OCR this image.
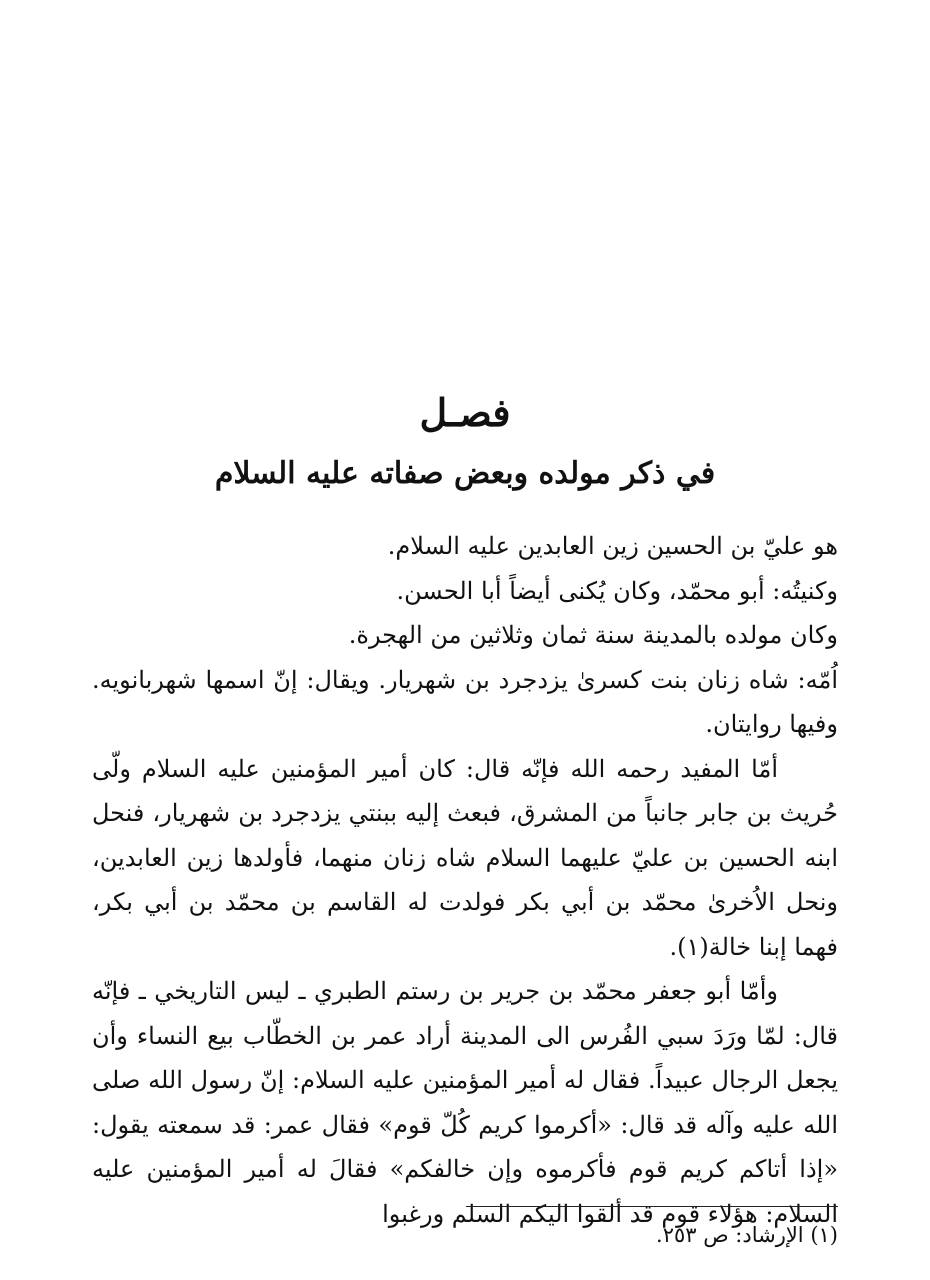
فصـل
في ذكر مولده وبعض صفاته عليه السلام

هو عليّ بن الحسين زين العابدين عليه السلام.

وكنيتُه: أبو محمّد، وكان يُكنى أيضاً أبا الحسن.

وكان مولده بالمدينة سنة ثمان وثلاثين من الهجرة.

اُمّه: شاه زنان بنت كسرىٰ يزدجرد بن شهريار. ويقال: إنّ اسمها شهربانويه. وفيها روايتان.

أمّا المفيد رحمه الله فإنّه قال: كان أمير المؤمنين عليه السلام ولّى حُريث بن جابر جانباً من المشرق، فبعث إليه ببنتي يزدجرد بن شهريار، فنحل ابنه الحسين بن عليّ عليهما السلام شاه زنان منهما، فأولدها زين العابدين، ونحل الاُخرىٰ محمّد بن أبي بكر فولدت له القاسم بن محمّد بن أبي بكر، فهما إبنا خالة(١).

وأمّا أبو جعفر محمّد بن جرير بن رستم الطبري ـ ليس التاريخي ـ فإنّه قال: لمّا ورَدَ سبي الفُرس الى المدينة أراد عمر بن الخطّاب بيع النساء وأن يجعل الرجال عبيداً. فقال له أمير المؤمنين عليه السلام: إنّ رسول الله صلى الله عليه وآله قد قال: «أكرموا كريم كُلّ قوم» فقال عمر: قد سمعته يقول: «إذا أتاكم كريم قوم فأكرموه وإن خالفكم» فقالَ له أمير المؤمنين عليه السلام: هؤلاء قوم قد ألقوا اليكم السلم ورغبوا

(١) الإرشاد: ص ٢٥٣.
